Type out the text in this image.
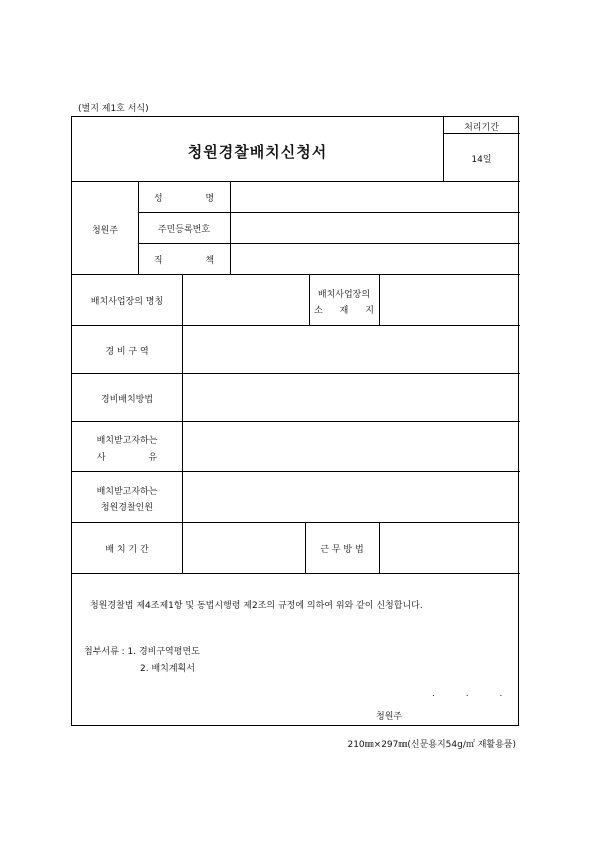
(별지 제1호 서식)
청원경찰배치신청서
처리기간
14일
청원주
성 명
주민등록번호
직 책
배치사업장의 명칭
배치사업장의
소 재 지
경 비 구 역
경비배치방법
배치받고자하는
사 유
배치받고자하는
청원경찰인원
배 치 기 간	근 무 방 법
청원경찰법 제4조제1항 및 동법시행령 제2조의 규정에 의하여 위와 같이 신청합니다.
첨부서류 : 1. 경비구역평면도
2. 배치계획서
. . .
청원주
210㎜×297㎜(신문용지54g/㎡ 재활용품)
